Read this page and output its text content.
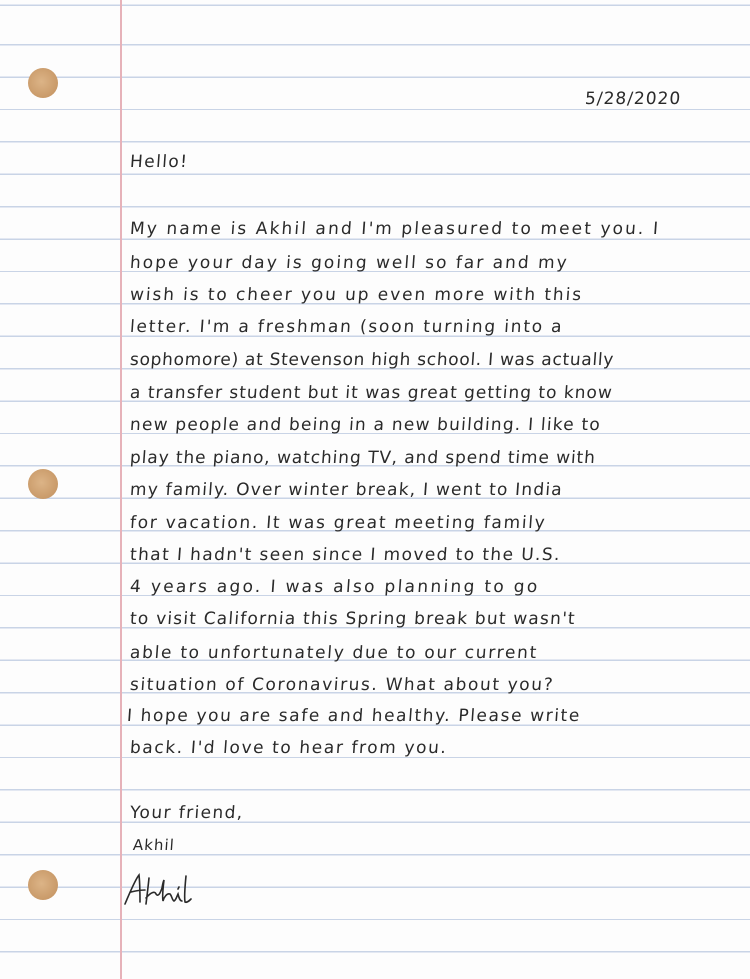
5/28/2020
Hello!
My name is Akhil and I'm pleasured to meet you. I
hope your day is going well so far and my
wish is to cheer you up even more with this
letter. I'm a freshman (soon turning into a
sophomore) at Stevenson high school. I was actually
a transfer student but it was great getting to know
new people and being in a new building. I like to
play the piano, watching TV, and spend time with
my family. Over winter break, I went to India
for vacation. It was great meeting family
that I hadn't seen since I moved to the U.S.
4 years ago. I was also planning to go
to visit California this Spring break but wasn't
able to unfortunately due to our current
situation of Coronavirus. What about you?
I hope you are safe and healthy. Please write
back. I'd love to hear from you.
Your friend,
Akhil
